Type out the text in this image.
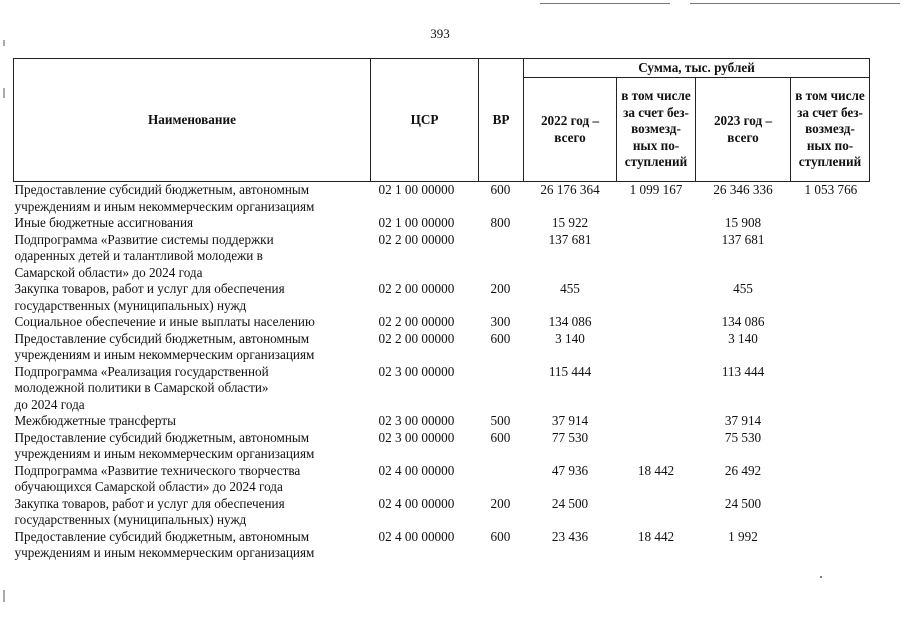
393
Наименование	ЦСР	ВР	Сумма, тыс. рублей			
			2022 год – всего	в том числе за счет без-возмезд-ных по-ступлений	2023 год – всего	в том числе за счет без-возмезд-ных по-ступлений

Предоставление субсидий бюджетным, автономным
учреждениям и иным некоммерческим организациям	02 1 00 00000	600	26 176 364	1 099 167	26 346 336	1 053 766

Иные бюджетные ассигнования	02 1 00 00000	800	15 922		15 908	

Подпрограмма «Развитие системы поддержки
одаренных детей и талантливой молодежи в
Самарской области» до 2024 года	02 2 00 00000		137 681		137 681	

Закупка товаров, работ и услуг для обеспечения
государственных (муниципальных) нужд	02 2 00 00000	200	455		455	

Социальное обеспечение и иные выплаты населению	02 2 00 00000	300	134 086		134 086	

Предоставление субсидий бюджетным, автономным
учреждениям и иным некоммерческим организациям	02 2 00 00000	600	3 140		3 140	

Подпрограмма «Реализация государственной
молодежной политики в Самарской области»
до 2024 года	02 3 00 00000		115 444		113 444	

Межбюджетные трансферты	02 3 00 00000	500	37 914		37 914	

Предоставление субсидий бюджетным, автономным
учреждениям и иным некоммерческим организациям	02 3 00 00000	600	77 530		75 530	

Подпрограмма «Развитие технического творчества
обучающихся Самарской области» до 2024 года	02 4 00 00000		47 936	18 442	26 492	

Закупка товаров, работ и услуг для обеспечения
государственных (муниципальных) нужд	02 4 00 00000	200	24 500		24 500	

Предоставление субсидий бюджетным, автономным
учреждениям и иным некоммерческим организациям	02 4 00 00000	600	23 436	18 442	1 992	
